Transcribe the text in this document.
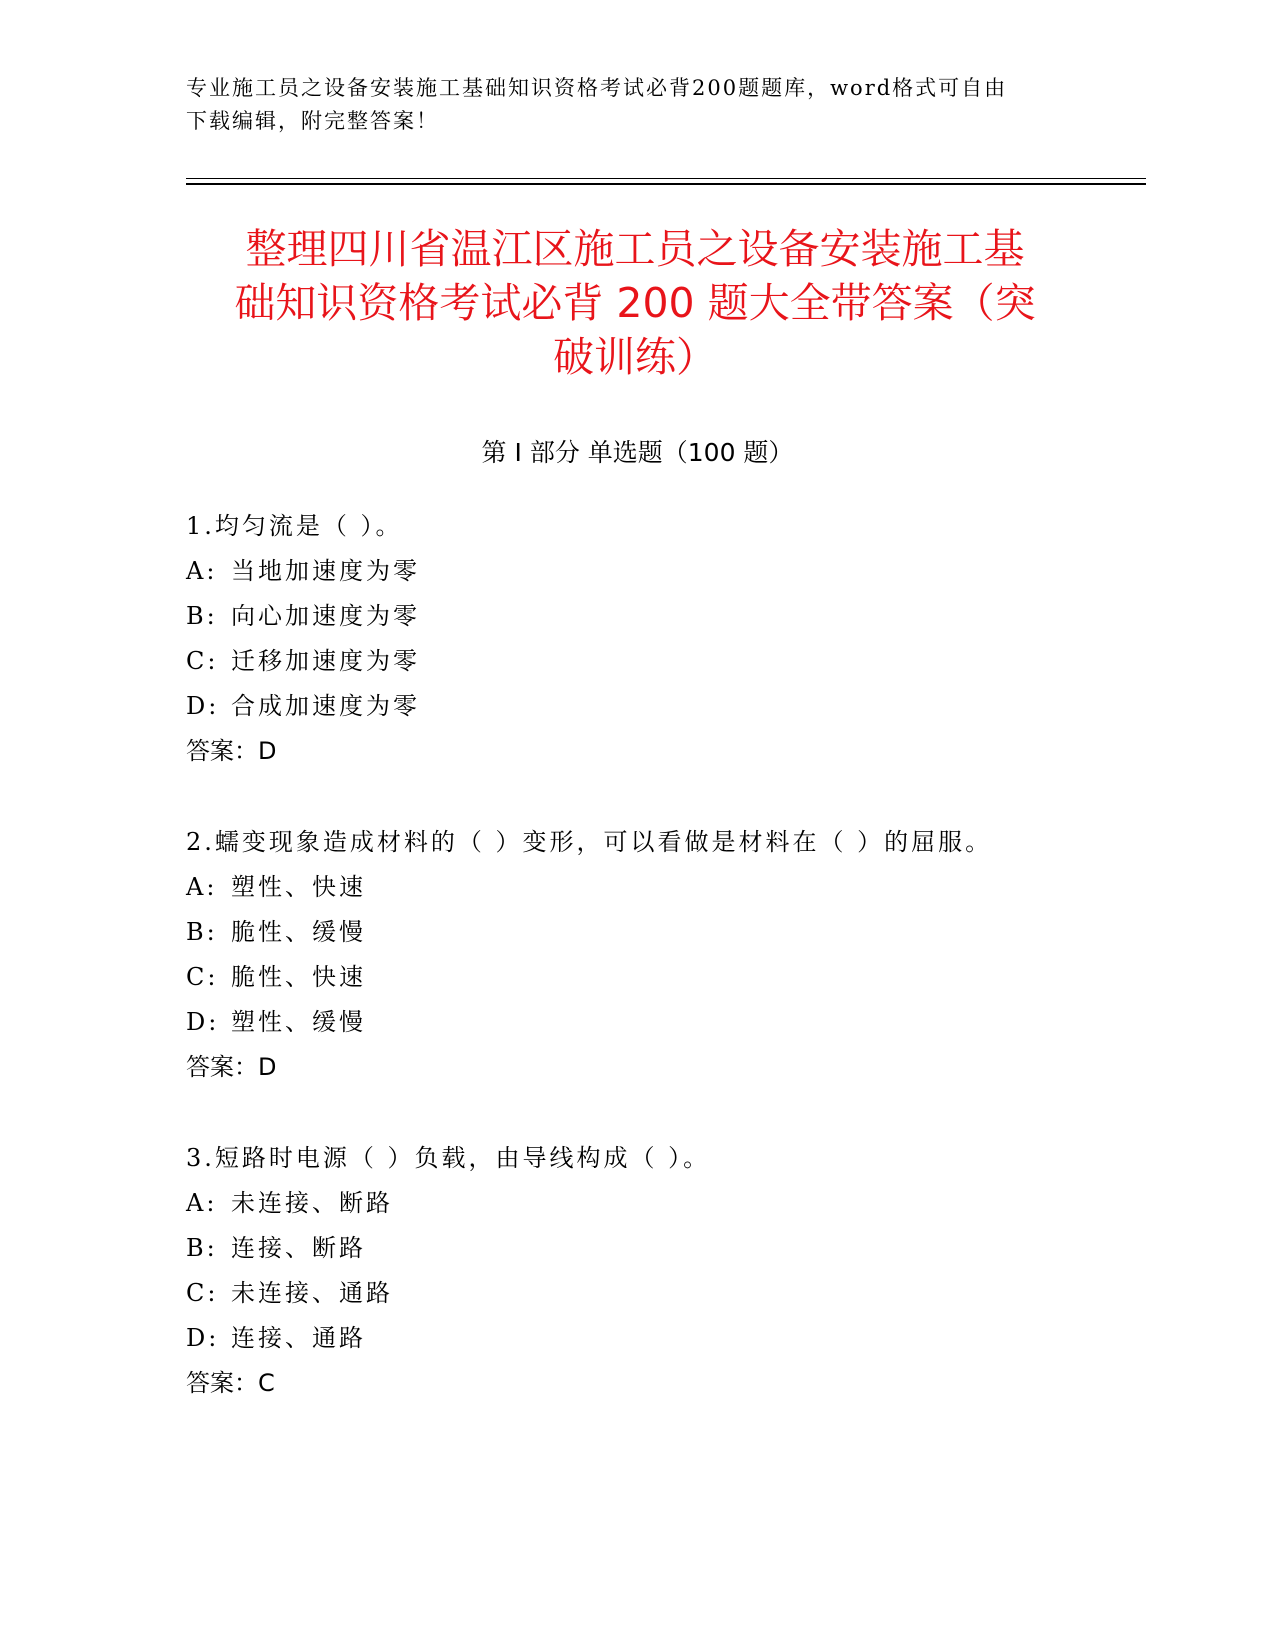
专业施工员之设备安装施工基础知识资格考试必背200题题库，word格式可自由
下载编辑，附完整答案！
整理四川省温江区施工员之设备安装施工基
础知识资格考试必背 200 题大全带答案（突
破训练）
第 I 部分 单选题（100 题）
1.均匀流是（ ）。
A: 当地加速度为零
B: 向心加速度为零
C: 迁移加速度为零
D: 合成加速度为零
答案：D
2.蠕变现象造成材料的（ ）变形，可以看做是材料在（ ）的屈服。
A: 塑性、快速
B: 脆性、缓慢
C: 脆性、快速
D: 塑性、缓慢
答案：D
3.短路时电源（ ）负载，由导线构成（ ）。
A: 未连接、断路
B: 连接、断路
C: 未连接、通路
D: 连接、通路
答案：C
